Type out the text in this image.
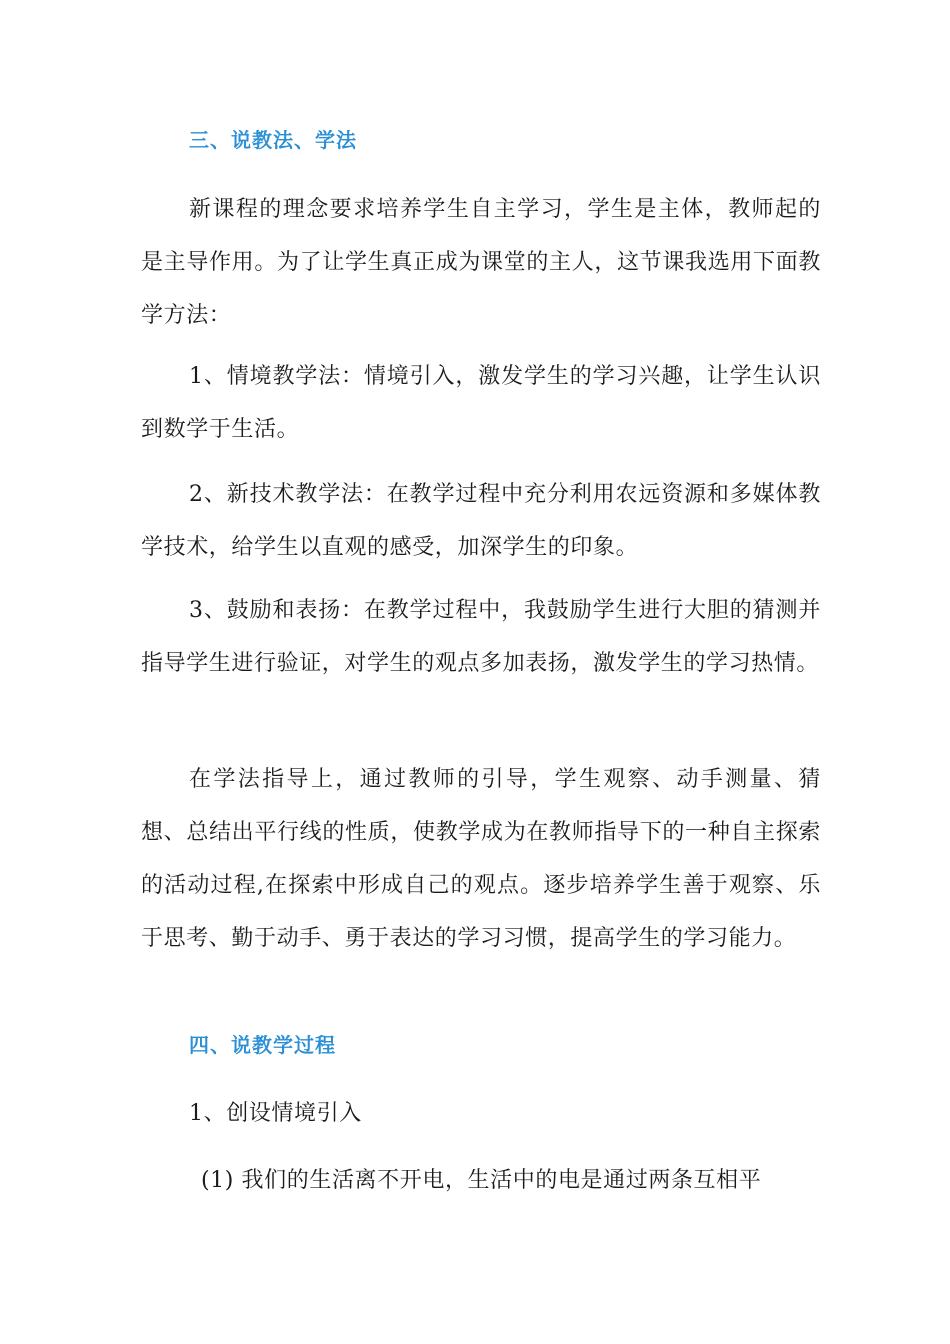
三、说教法、学法

新课程的理念要求培养学生自主学习，学生是主体，教师起的是主导作用。为了让学生真正成为课堂的主人，这节课我选用下面教学方法：

1、情境教学法：情境引入，激发学生的学习兴趣，让学生认识到数学于生活。

2、新技术教学法：在教学过程中充分利用农远资源和多媒体教学技术，给学生以直观的感受，加深学生的印象。

3、鼓励和表扬：在教学过程中，我鼓励学生进行大胆的猜测并指导学生进行验证，对学生的观点多加表扬，激发学生的学习热情。

在学法指导上，通过教师的引导，学生观察、动手测量、猜想、总结出平行线的性质，使教学成为在教师指导下的一种自主探索的活动过程,在探索中形成自己的观点。逐步培养学生善于观察、乐于思考、勤于动手、勇于表达的学习习惯，提高学生的学习能力。

四、说教学过程

1、创设情境引入

(1) 我们的生活离不开电，生活中的电是通过两条互相平
